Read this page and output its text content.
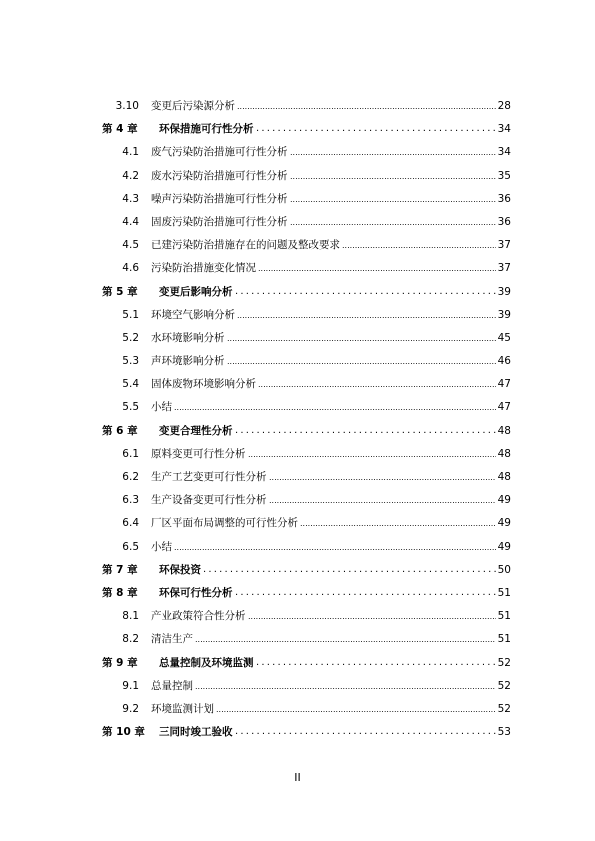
3.10 变更后污染源分析 .....	28
第 4 章 环保措施可行性分析 .....	34
4.1 废气污染防治措施可行性分析 .....	34
4.2 废水污染防治措施可行性分析 .....	35
4.3 噪声污染防治措施可行性分析 .....	36
4.4 固废污染防治措施可行性分析 .....	36
4.5 已建污染防治措施存在的问题及整改要求 .....	37
4.6 污染防治措施变化情况 .....	37
第 5 章 变更后影响分析 .....	39
5.1 环境空气影响分析 .....	39
5.2 水环境影响分析 .....	45
5.3 声环境影响分析 .....	46
5.4 固体废物环境影响分析 .....	47
5.5 小结 .....	47
第 6 章 变更合理性分析 .....	48
6.1 原料变更可行性分析 .....	48
6.2 生产工艺变更可行性分析 .....	48
6.3 生产设备变更可行性分析 .....	49
6.4 厂区平面布局调整的可行性分析 .....	49
6.5 小结 .....	49
第 7 章 环保投资 .....	50
第 8 章 环保可行性分析 .....	51
8.1 产业政策符合性分析 .....	51
8.2 清洁生产 .....	51
第 9 章 总量控制及环境监测 .....	52
9.1 总量控制 .....	52
9.2 环境监测计划 .....	52
第 10 章 三同时竣工验收 .....	53
II
